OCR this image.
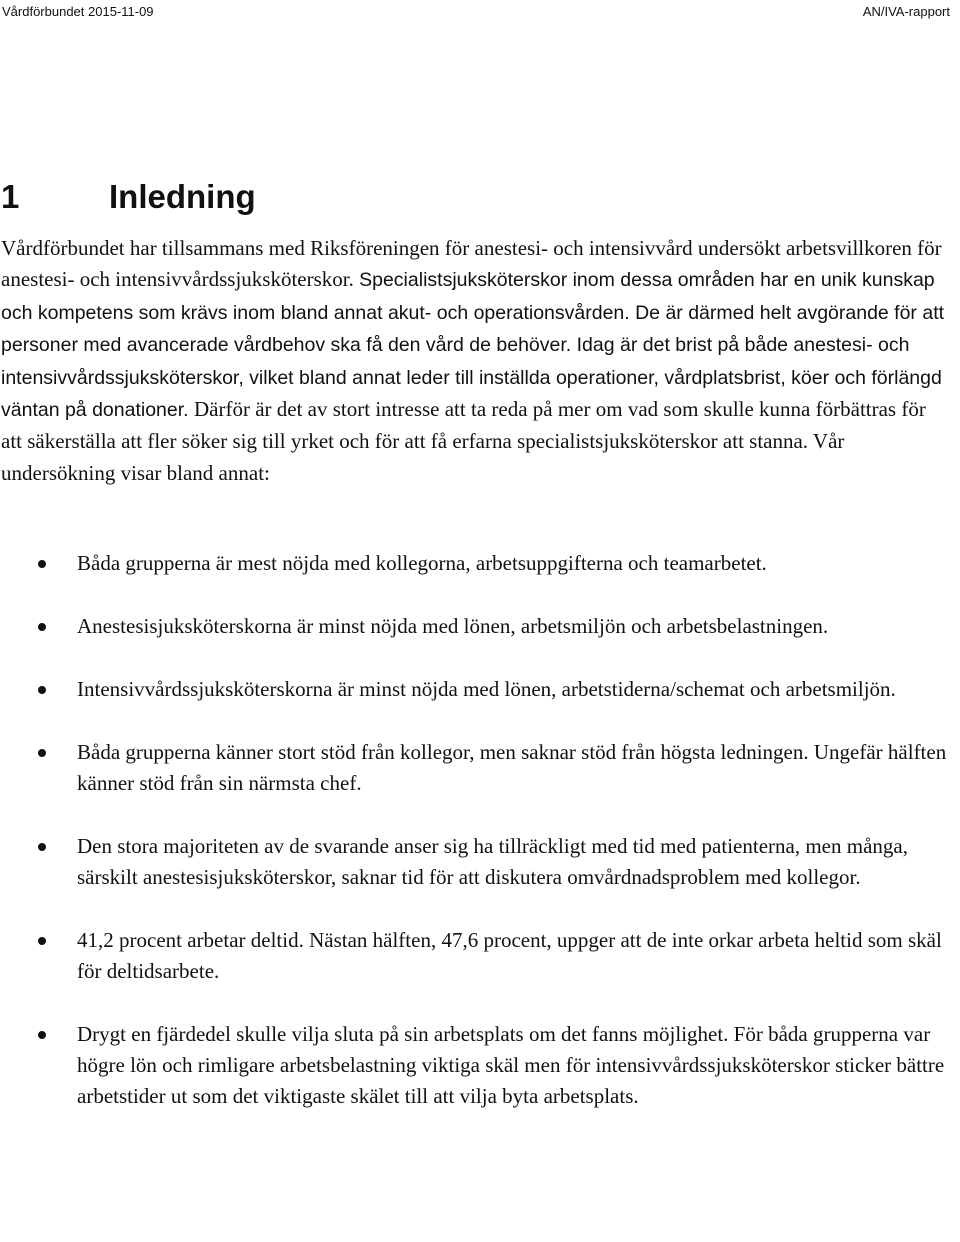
Vårdförbundet 2015-11-09	AN/IVA-rapport
1	Inledning

Vårdförbundet har tillsammans med Riksföreningen för anestesi- och intensivvård undersökt arbetsvillkoren för anestesi- och intensivvårdssjuksköterskor. Specialistsjuksköterskor inom dessa områden har en unik kunskap och kompetens som krävs inom bland annat akut- och operationsvården. De är därmed helt avgörande för att personer med avancerade vårdbehov ska få den vård de behöver. Idag är det brist på både anestesi- och intensivvårdssjuksköterskor, vilket bland annat leder till inställda operationer, vårdplatsbrist, köer och förlängd väntan på donationer. Därför är det av stort intresse att ta reda på mer om vad som skulle kunna förbättras för att säkerställa att fler söker sig till yrket och för att få erfarna specialistsjuksköterskor att stanna. Vår undersökning visar bland annat:

Båda grupperna är mest nöjda med kollegorna, arbetsuppgifterna och teamarbetet.
Anestesisjuksköterskorna är minst nöjda med lönen, arbetsmiljön och arbetsbelastningen.
Intensivvårdssjuksköterskorna är minst nöjda med lönen, arbetstiderna/schemat och arbetsmiljön.
Båda grupperna känner stort stöd från kollegor, men saknar stöd från högsta ledningen. Ungefär hälften känner stöd från sin närmsta chef.
Den stora majoriteten av de svarande anser sig ha tillräckligt med tid med patienterna, men många, särskilt anestesisjuksköterskor, saknar tid för att diskutera omvårdnadsproblem med kollegor.
41,2 procent arbetar deltid. Nästan hälften, 47,6 procent, uppger att de inte orkar arbeta heltid som skäl för deltidsarbete.
Drygt en fjärdedel skulle vilja sluta på sin arbetsplats om det fanns möjlighet. För båda grupperna var högre lön och rimligare arbetsbelastning viktiga skäl men för intensivvårdssjuksköterskor sticker bättre arbetstider ut som det viktigaste skälet till att vilja byta arbetsplats.
